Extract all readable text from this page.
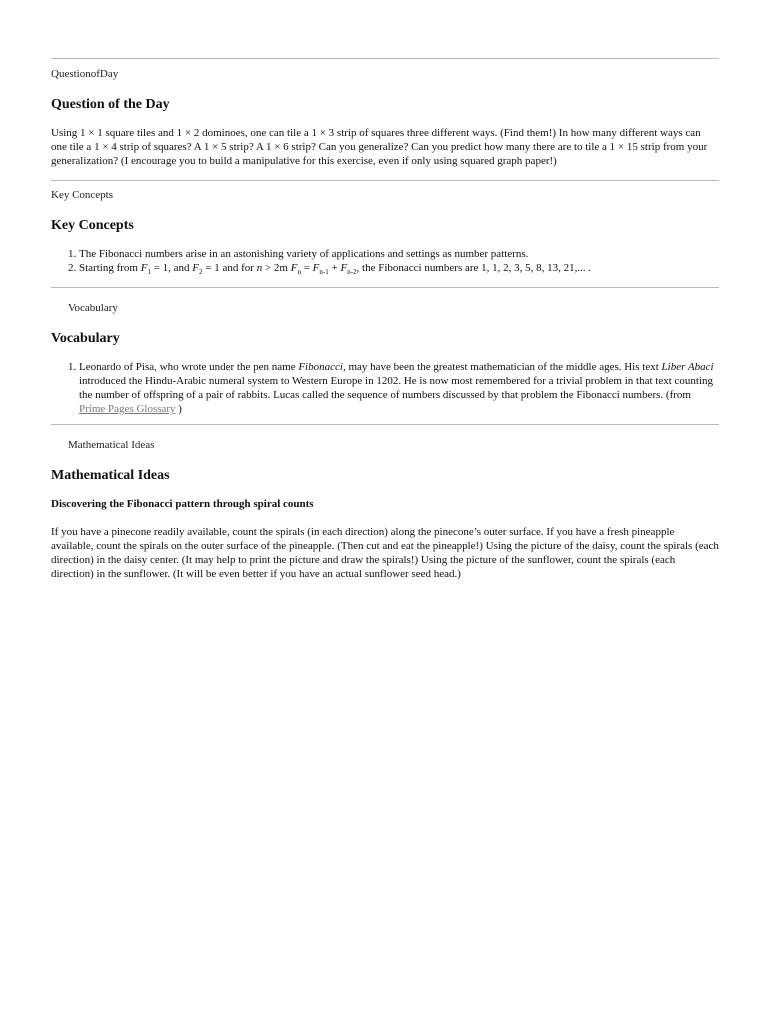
QuestionofDay

Question of the Day

Using 1 × 1 square tiles and 1 × 2 dominoes, one can tile a 1 × 3 strip of squares three different ways. (Find them!) In how many different ways can one tile a 1 × 4 strip of squares? A 1 × 5 strip? A 1 × 6 strip? Can you generalize? Can you predict how many there are to tile a 1 × 15 strip from your generalization? (I encourage you to build a manipulative for this exercise, even if only using squared graph paper!)

Key Concepts

Key Concepts
1. The Fibonacci numbers arise in an astonishing variety of applications and settings as number patterns.
2. Starting from $F_1 = 1$, and $F_2 = 1$ and for n > 2m $F_n = F_{n-1} + F_{n-2}$, the Fibonacci numbers are 1, 1, 2, 3, 5, 8, 13, 21,... .

Vocabulary

Vocabulary
1. Leonardo of Pisa, who wrote under the pen name Fibonacci, may have been the greatest mathematician of the middle ages. His text Liber Abaci introduced the Hindu-Arabic numeral system to Western Europe in 1202. He is now most remembered for a trivial problem in that text counting the number of offspring of a pair of rabbits. Lucas called the sequence of numbers discussed by that problem the Fibonacci numbers. (from Prime Pages Glossary )

Mathematical Ideas

Mathematical Ideas

Discovering the Fibonacci pattern through spiral counts

If you have a pinecone readily available, count the spirals (in each direction) along the pinecone’s outer surface. If you have a fresh pineapple available, count the spirals on the outer surface of the pineapple. (Then cut and eat the pineapple!) Using the picture of the daisy, count the spirals (each direction) in the daisy center. (It may help to print the picture and draw the spirals!) Using the picture of the sunflower, count the spirals (each direction) in the sunflower. (It will be even better if you have an actual sunflower seed head.)
